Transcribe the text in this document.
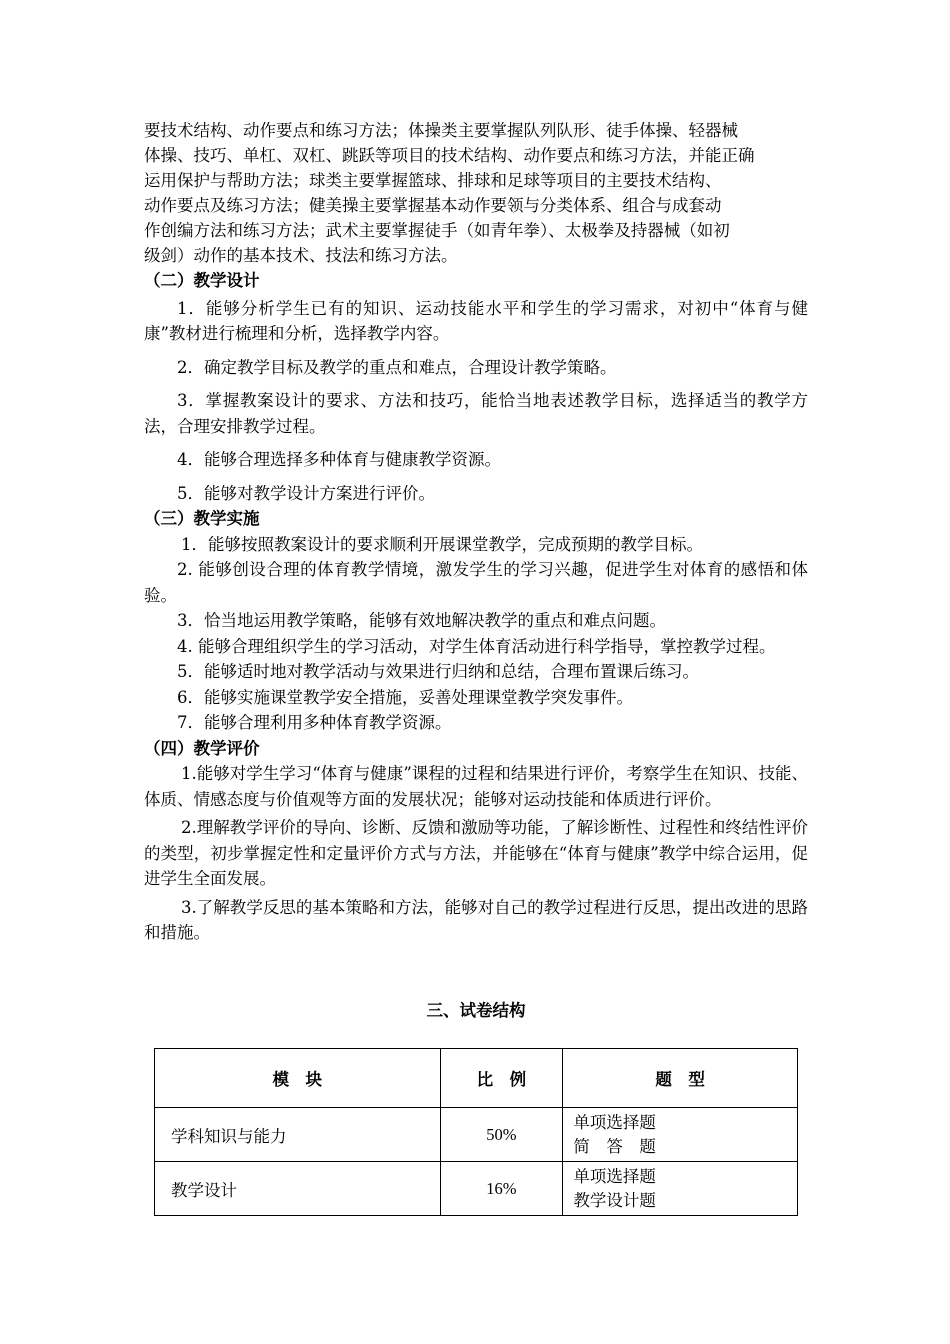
要技术结构、动作要点和练习方法；体操类主要掌握队列队形、徒手体操、轻器械

体操、技巧、单杠、双杠、跳跃等项目的技术结构、动作要点和练习方法，并能正确

运用保护与帮助方法；球类主要掌握篮球、排球和足球等项目的主要技术结构、

动作要点及练习方法；健美操主要掌握基本动作要领与分类体系、组合与成套动

作创编方法和练习方法；武术主要掌握徒手（如青年拳）、太极拳及持器械（如初

级剑）动作的基本技术、技法和练习方法。

（二）教学设计

1．能够分析学生已有的知识、运动技能水平和学生的学习需求，对初中“体育与健康”教材进行梳理和分析，选择教学内容。

2．确定教学目标及教学的重点和难点，合理设计教学策略。

3．掌握教案设计的要求、方法和技巧，能恰当地表述教学目标，选择适当的教学方法，合理安排教学过程。

4．能够合理选择多种体育与健康教学资源。

5．能够对教学设计方案进行评价。

（三）教学实施

1．能够按照教案设计的要求顺利开展课堂教学，完成预期的教学目标。

2. 能够创设合理的体育教学情境，激发学生的学习兴趣，促进学生对体育的感悟和体验。

3．恰当地运用教学策略，能够有效地解决教学的重点和难点问题。

4. 能够合理组织学生的学习活动，对学生体育活动进行科学指导，掌控教学过程。

5．能够适时地对教学活动与效果进行归纳和总结，合理布置课后练习。

6．能够实施课堂教学安全措施，妥善处理课堂教学突发事件。

7．能够合理利用多种体育教学资源。

（四）教学评价

1.能够对学生学习“体育与健康”课程的过程和结果进行评价，考察学生在知识、技能、体质、情感态度与价值观等方面的发展状况；能够对运动技能和体质进行评价。

2.理解教学评价的导向、诊断、反馈和激励等功能，了解诊断性、过程性和终结性评价的类型，初步掌握定性和定量评价方式与方法，并能够在“体育与健康”教学中综合运用，促进学生全面发展。

3.了解教学反思的基本策略和方法，能够对自己的教学过程进行反思，提出改进的思路和措施。

三、试卷结构

模　块	比　例	题　型
学科知识与能力	50%	单项选择题
简　答　题

教学设计	16%	单项选择题
教学设计题
